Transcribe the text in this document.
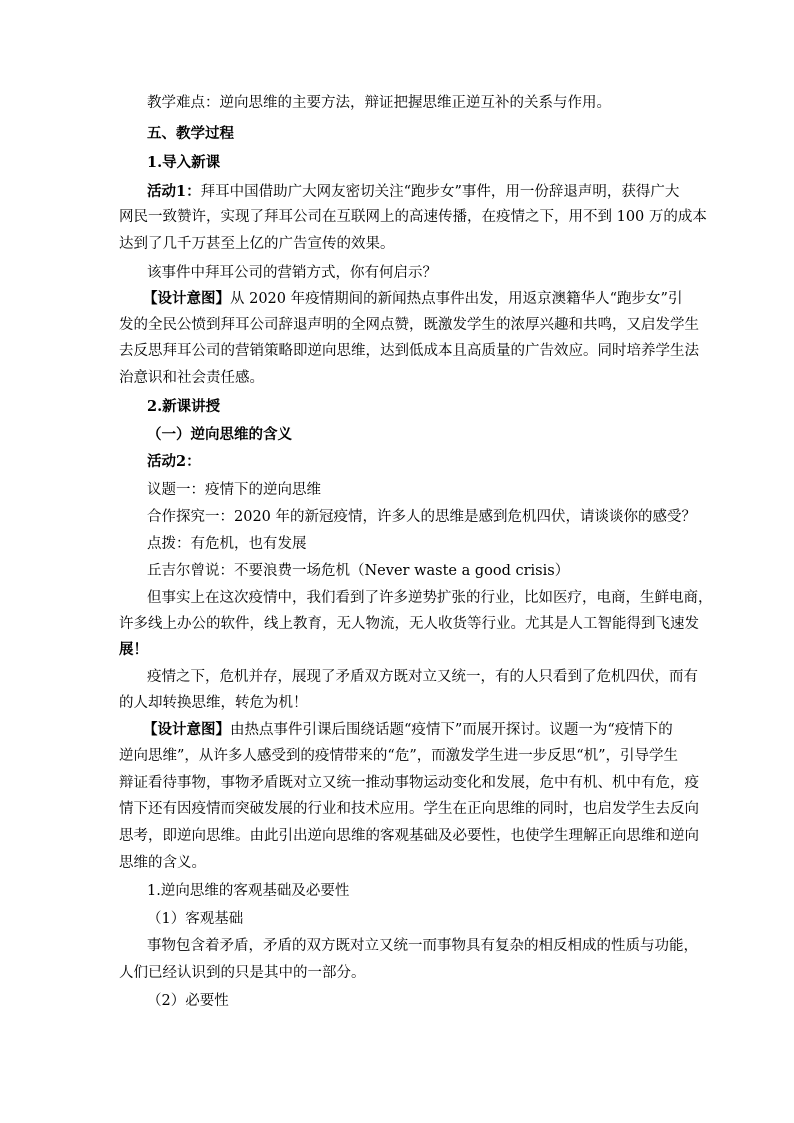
教学难点：逆向思维的主要方法，辩证把握思维正逆互补的关系与作用。
五、教学过程
1.导入新课
活动1：拜耳中国借助广大网友密切关注“跑步女”事件，用一份辞退声明，获得广大
网民一致赞许，实现了拜耳公司在互联网上的高速传播，在疫情之下，用不到 100 万的成本
达到了几千万甚至上亿的广告宣传的效果。
该事件中拜耳公司的营销方式，你有何启示？
【设计意图】从 2020 年疫情期间的新闻热点事件出发，用返京澳籍华人“跑步女”引
发的全民公愤到拜耳公司辞退声明的全网点赞，既激发学生的浓厚兴趣和共鸣，又启发学生
去反思拜耳公司的营销策略即逆向思维，达到低成本且高质量的广告效应。同时培养学生法
治意识和社会责任感。
2.新课讲授
（一）逆向思维的含义
活动2：
议题一：疫情下的逆向思维
合作探究一：2020 年的新冠疫情，许多人的思维是感到危机四伏，请谈谈你的感受？
点拨：有危机，也有发展
丘吉尔曾说：不要浪费一场危机（Never waste a good crisis）
但事实上在这次疫情中，我们看到了许多逆势扩张的行业，比如医疗，电商，生鲜电商，
许多线上办公的软件，线上教育，无人物流，无人收货等行业。尤其是人工智能得到飞速发
展！
疫情之下，危机并存，展现了矛盾双方既对立又统一，有的人只看到了危机四伏，而有
的人却转换思维，转危为机！
【设计意图】由热点事件引课后围绕话题“疫情下”而展开探讨。议题一为“疫情下的
逆向思维”，从许多人感受到的疫情带来的“危”，而激发学生进一步反思“机”，引导学生
辩证看待事物，事物矛盾既对立又统一推动事物运动变化和发展，危中有机、机中有危，疫
情下还有因疫情而突破发展的行业和技术应用。学生在正向思维的同时，也启发学生去反向
思考，即逆向思维。由此引出逆向思维的客观基础及必要性，也使学生理解正向思维和逆向
思维的含义。
1.逆向思维的客观基础及必要性
（1）客观基础
事物包含着矛盾，矛盾的双方既对立又统一而事物具有复杂的相反相成的性质与功能，
人们已经认识到的只是其中的一部分。
（2）必要性
